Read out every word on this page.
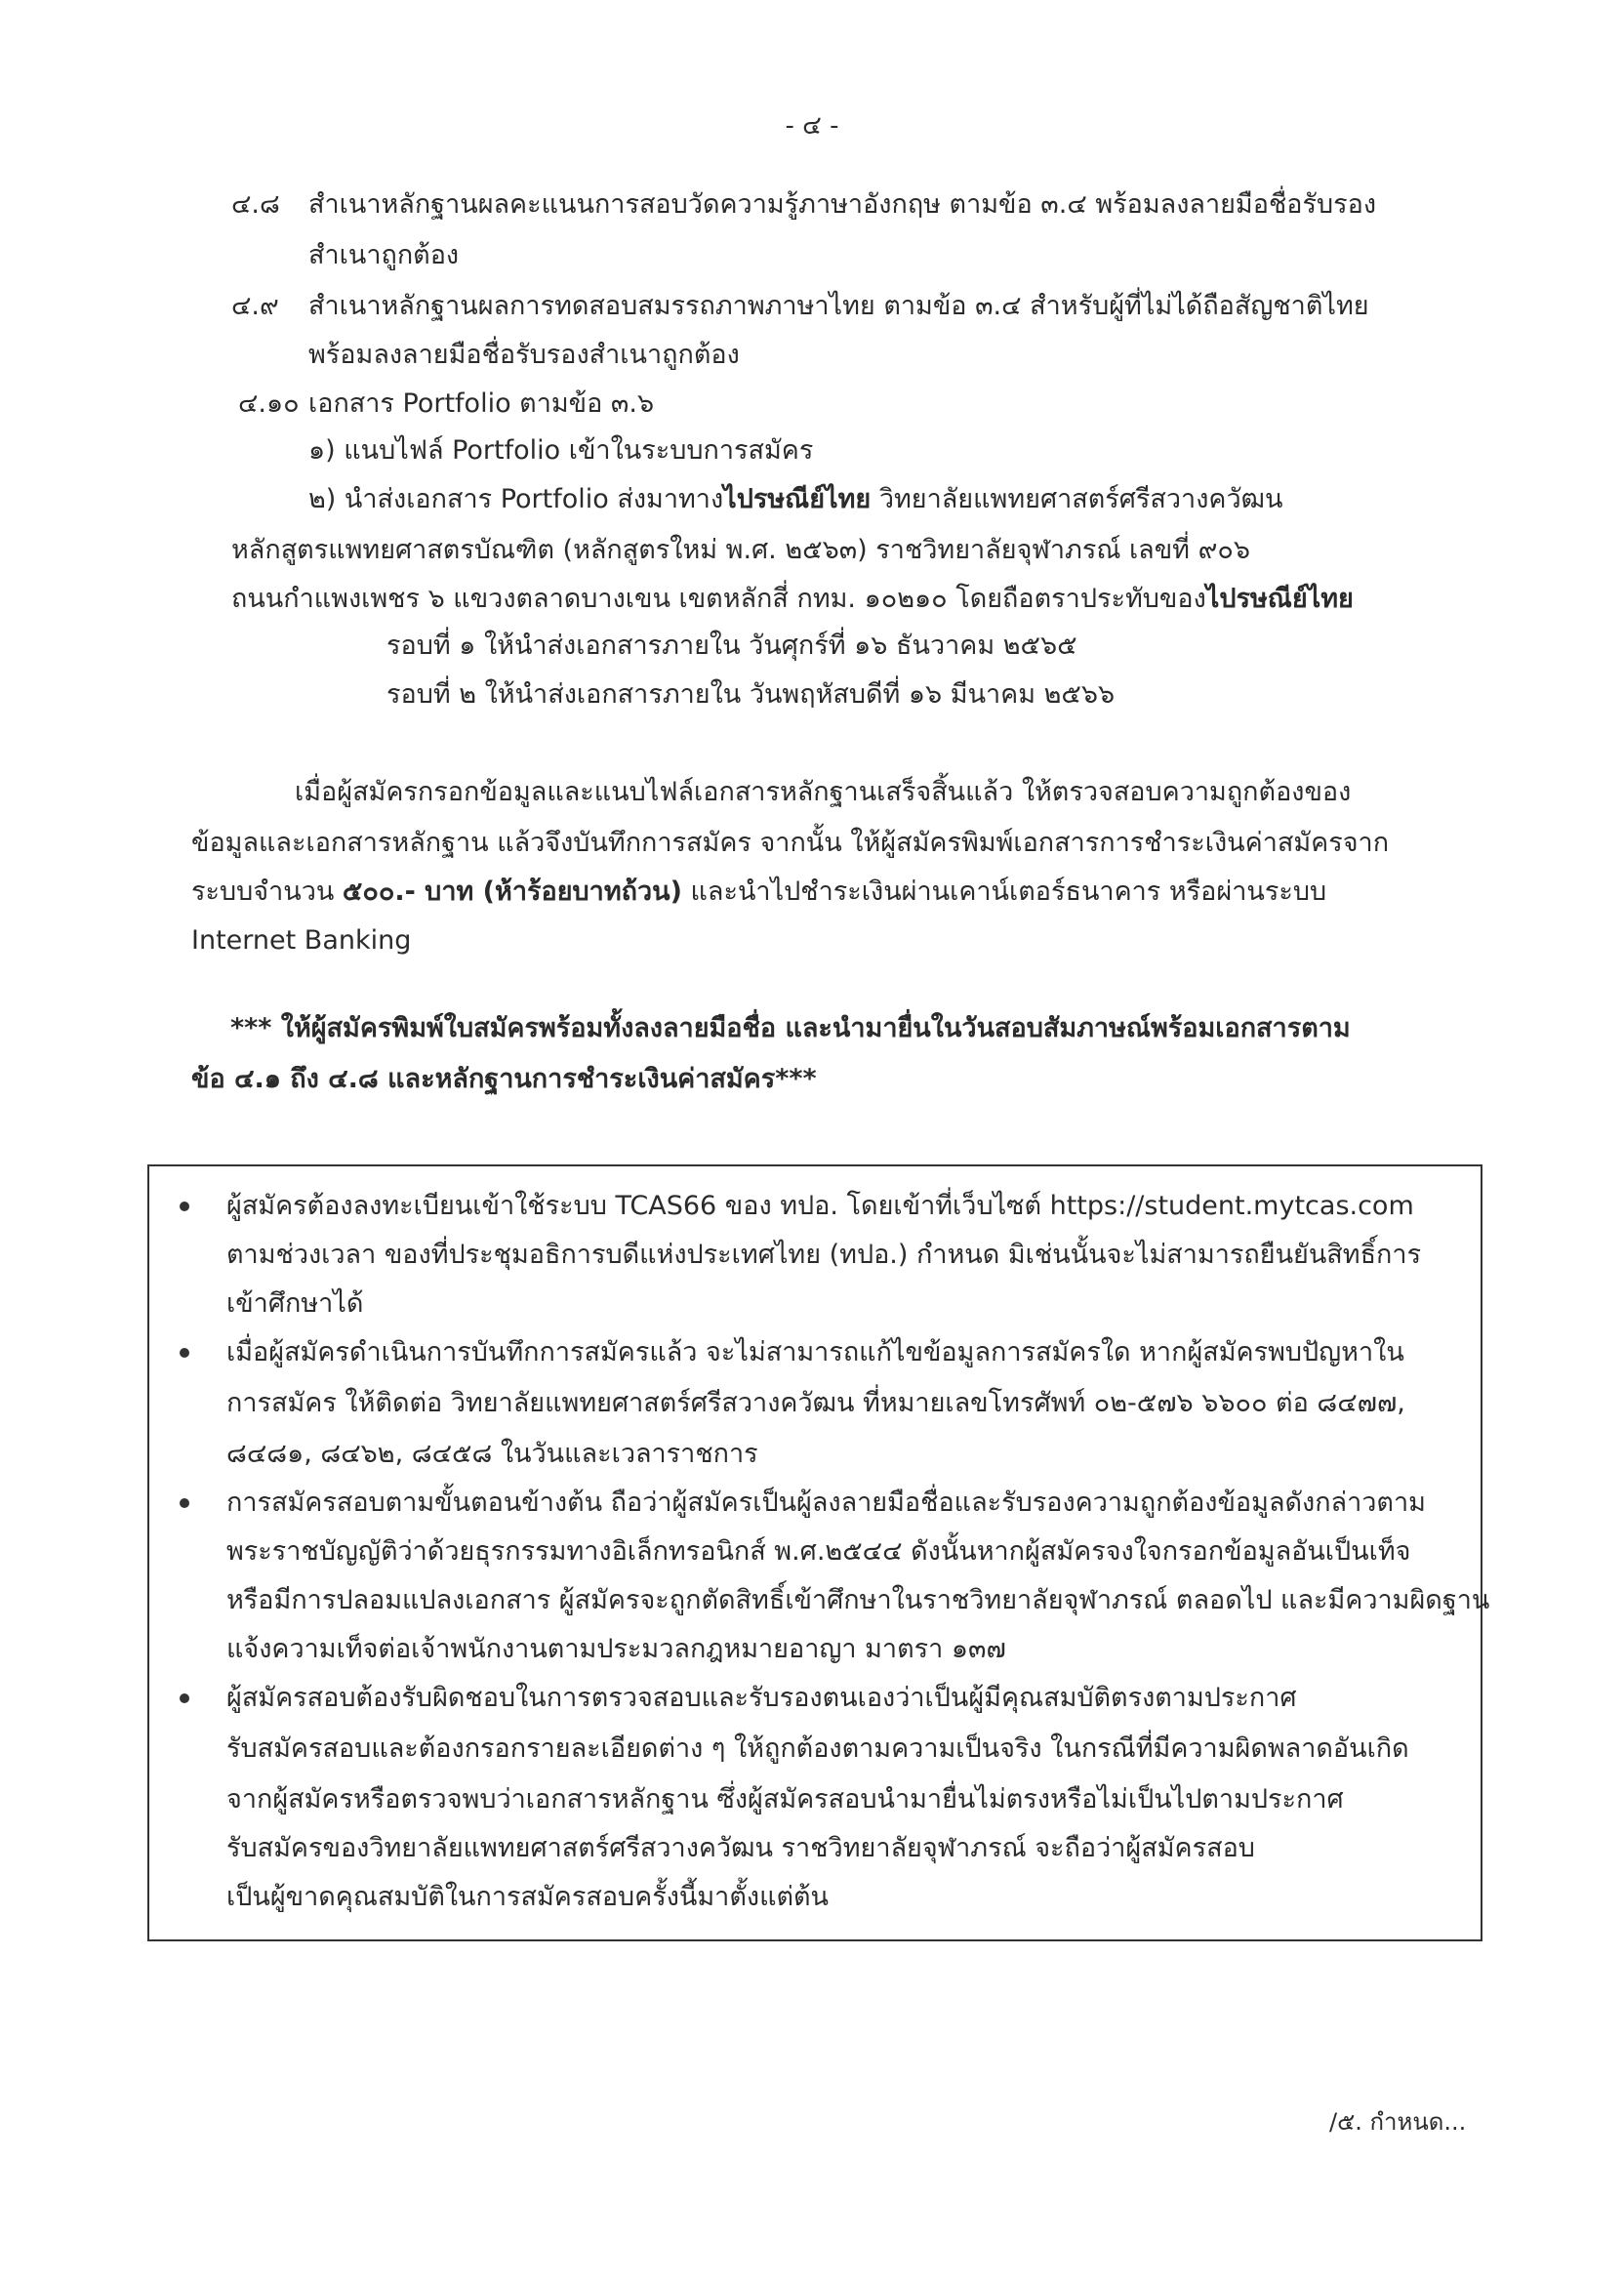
- ๔ -
๔.๘ สำเนาหลักฐานผลคะแนนการสอบวัดความรู้ภาษาอังกฤษ ตามข้อ ๓.๔ พร้อมลงลายมือชื่อรับรอง
สำเนาถูกต้อง
๔.๙ สำเนาหลักฐานผลการทดสอบสมรรถภาพภาษาไทย ตามข้อ ๓.๔ สำหรับผู้ที่ไม่ได้ถือสัญชาติไทย
พร้อมลงลายมือชื่อรับรองสำเนาถูกต้อง
๔.๑๐ เอกสาร Portfolio ตามข้อ ๓.๖
๑) แนบไฟล์ Portfolio เข้าในระบบการสมัคร
๒) นำส่งเอกสาร Portfolio ส่งมาทางไปรษณีย์ไทย วิทยาลัยแพทยศาสตร์ศรีสวางควัฒน
หลักสูตรแพทยศาสตรบัณฑิต (หลักสูตรใหม่ พ.ศ. ๒๕๖๓) ราชวิทยาลัยจุฬาภรณ์ เลขที่ ๙๐๖
ถนนกำแพงเพชร ๖ แขวงตลาดบางเขน เขตหลักสี่ กทม. ๑๐๒๑๐ โดยถือตราประทับของไปรษณีย์ไทย
รอบที่ ๑ ให้นำส่งเอกสารภายใน วันศุกร์ที่ ๑๖ ธันวาคม ๒๕๖๕
รอบที่ ๒ ให้นำส่งเอกสารภายใน วันพฤหัสบดีที่ ๑๖ มีนาคม ๒๕๖๖
เมื่อผู้สมัครกรอกข้อมูลและแนบไฟล์เอกสารหลักฐานเสร็จสิ้นแล้ว ให้ตรวจสอบความถูกต้องของ
ข้อมูลและเอกสารหลักฐาน แล้วจึงบันทึกการสมัคร จากนั้น ให้ผู้สมัครพิมพ์เอกสารการชำระเงินค่าสมัครจาก
ระบบจำนวน ๕๐๐.- บาท (ห้าร้อยบาทถ้วน) และนำไปชำระเงินผ่านเคาน์เตอร์ธนาคาร หรือผ่านระบบ
Internet Banking
*** ให้ผู้สมัครพิมพ์ใบสมัครพร้อมทั้งลงลายมือชื่อ และนำมายื่นในวันสอบสัมภาษณ์พร้อมเอกสารตาม
ข้อ ๔.๑ ถึง ๔.๘ และหลักฐานการชำระเงินค่าสมัคร***
ผู้สมัครต้องลงทะเบียนเข้าใช้ระบบ TCAS66 ของ ทปอ. โดยเข้าที่เว็บไซต์ https://student.mytcas.com
ตามช่วงเวลา ของที่ประชุมอธิการบดีแห่งประเทศไทย (ทปอ.) กำหนด มิเช่นนั้นจะไม่สามารถยืนยันสิทธิ์การ
เข้าศึกษาได้
เมื่อผู้สมัครดำเนินการบันทึกการสมัครแล้ว จะไม่สามารถแก้ไขข้อมูลการสมัครใด หากผู้สมัครพบปัญหาใน
การสมัคร ให้ติดต่อ วิทยาลัยแพทยศาสตร์ศรีสวางควัฒน ที่หมายเลขโทรศัพท์ ๐๒-๕๗๖ ๖๖๐๐ ต่อ ๘๔๗๗,
๘๔๘๑, ๘๔๖๒, ๘๔๕๘ ในวันและเวลาราชการ
การสมัครสอบตามขั้นตอนข้างต้น ถือว่าผู้สมัครเป็นผู้ลงลายมือชื่อและรับรองความถูกต้องข้อมูลดังกล่าวตาม
พระราชบัญญัติว่าด้วยธุรกรรมทางอิเล็กทรอนิกส์ พ.ศ.๒๕๔๔ ดังนั้นหากผู้สมัครจงใจกรอกข้อมูลอันเป็นเท็จ
หรือมีการปลอมแปลงเอกสาร ผู้สมัครจะถูกตัดสิทธิ์เข้าศึกษาในราชวิทยาลัยจุฬาภรณ์ ตลอดไป และมีความผิดฐาน
แจ้งความเท็จต่อเจ้าพนักงานตามประมวลกฎหมายอาญา มาตรา ๑๓๗
ผู้สมัครสอบต้องรับผิดชอบในการตรวจสอบและรับรองตนเองว่าเป็นผู้มีคุณสมบัติตรงตามประกาศ
รับสมัครสอบและต้องกรอกรายละเอียดต่าง ๆ ให้ถูกต้องตามความเป็นจริง ในกรณีที่มีความผิดพลาดอันเกิด
จากผู้สมัครหรือตรวจพบว่าเอกสารหลักฐาน ซึ่งผู้สมัครสอบนำมายื่นไม่ตรงหรือไม่เป็นไปตามประกาศ
รับสมัครของวิทยาลัยแพทยศาสตร์ศรีสวางควัฒน ราชวิทยาลัยจุฬาภรณ์ จะถือว่าผู้สมัครสอบ
เป็นผู้ขาดคุณสมบัติในการสมัครสอบครั้งนี้มาตั้งแต่ต้น
/๕. กำหนด...
